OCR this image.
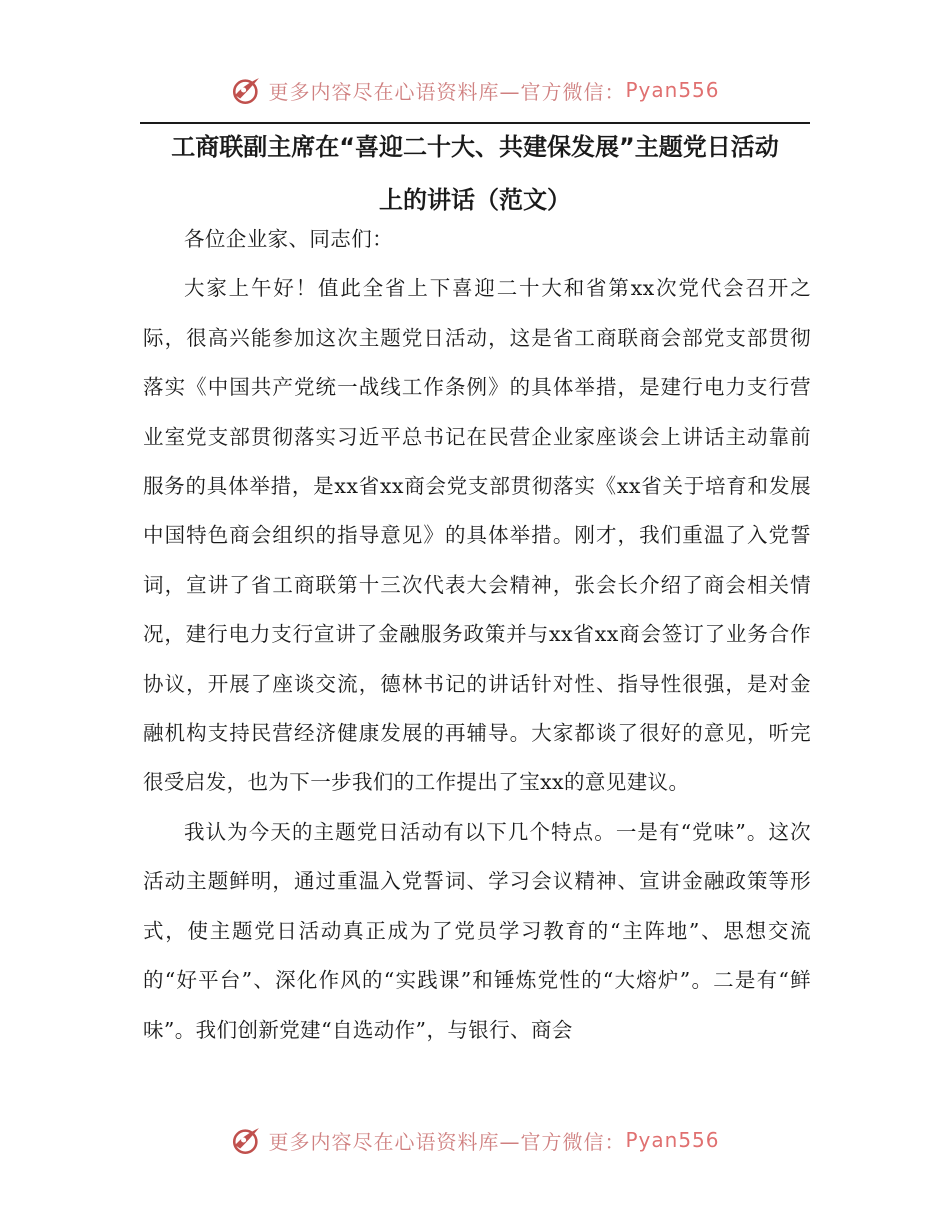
更多内容尽在心语资料库—官方微信： Pyan556
工商联副主席在“喜迎二十大、共建保发展”主题党日活动
上的讲话（范文）

各位企业家、同志们：

大家上午好！值此全省上下喜迎二十大和省第xx次党代会召开之际，很高兴能参加这次主题党日活动，这是省工商联商会部党支部贯彻落实《中国共产党统一战线工作条例》的具体举措，是建行电力支行营业室党支部贯彻落实习近平总书记在民营企业家座谈会上讲话主动靠前服务的具体举措，是xx省xx商会党支部贯彻落实《xx省关于培育和发展中国特色商会组织的指导意见》的具体举措。刚才，我们重温了入党誓词，宣讲了省工商联第十三次代表大会精神，张会长介绍了商会相关情况，建行电力支行宣讲了金融服务政策并与xx省xx商会签订了业务合作协议，开展了座谈交流，德林书记的讲话针对性、指导性很强，是对金融机构支持民营经济健康发展的再辅导。大家都谈了很好的意见，听完很受启发，也为下一步我们的工作提出了宝xx的意见建议。

我认为今天的主题党日活动有以下几个特点。一是有“党味”。这次活动主题鲜明，通过重温入党誓词、学习会议精神、宣讲金融政策等形式，使主题党日活动真正成为了党员学习教育的“主阵地”、思想交流的“好平台”、深化作风的“实践课”和锤炼党性的“大熔炉”。二是有“鲜味”。我们创新党建“自选动作”，与银行、商会

更多内容尽在心语资料库—官方微信： Pyan556
